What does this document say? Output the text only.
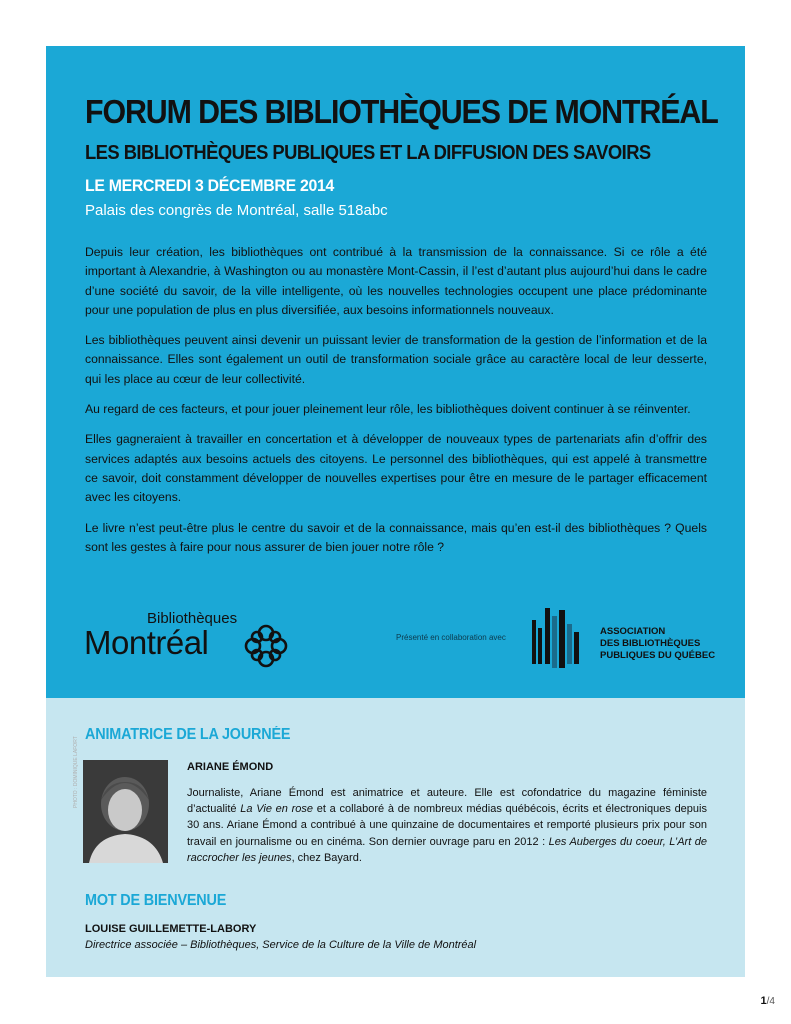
FORUM DES BIBLIOTHÈQUES DE MONTRÉAL
LES BIBLIOTHÈQUES PUBLIQUES ET LA DIFFUSION DES SAVOIRS
LE MERCREDI 3 DÉCEMBRE 2014
Palais des congrès de Montréal, salle 518abc

Depuis leur création, les bibliothèques ont contribué à la transmission de la connaissance. Si ce rôle a été important à Alexandrie, à Washington ou au monastère Mont-Cassin, il l’est d’autant plus aujourd’hui dans le cadre d’une société du savoir, de la ville intelligente, où les nouvelles technologies occupent une place prédominante pour une population de plus en plus diversifiée, aux besoins informationnels nouveaux.

Les bibliothèques peuvent ainsi devenir un puissant levier de transformation de la gestion de l’information et de la connaissance. Elles sont également un outil de transformation sociale grâce au caractère local de leur desserte, qui les place au cœur de leur collectivité.

Au regard de ces facteurs, et pour jouer pleinement leur rôle, les bibliothèques doivent continuer à se réinventer.

Elles gagneraient à travailler en concertation et à développer de nouveaux types de partenariats afin d’offrir des services adaptés aux besoins actuels des citoyens. Le personnel des bibliothèques, qui est appelé à transmettre ce savoir, doit constamment développer de nouvelles expertises pour être en mesure de le partager efficacement avec les citoyens.

Le livre n’est peut-être plus le centre du savoir et de la connaissance, mais qu’en est-il des bibliothèques ? Quels sont les gestes à faire pour nous assurer de bien jouer notre rôle ?

Bibliothèques
Montréal	Présenté en collaboration avec
ASSOCIATION
DES BIBLIOTHÈQUES
PUBLIQUES DU QUÉBEC
ANIMATRICE DE LA JOURNÉE
PHOTO : DOMINIQUE LAFORT	ARIANE ÉMOND
Journaliste, Ariane Émond est animatrice et auteure. Elle est cofondatrice du magazine féministe d’actualité La Vie en rose et a collaboré à de nombreux médias québécois, écrits et électroniques depuis 30 ans. Ariane Émond a contribué à une quinzaine de documentaires et remporté plusieurs prix pour son travail en journalisme ou en cinéma. Son dernier ouvrage paru en 2012 : Les Auberges du coeur, L’Art de raccrocher les jeunes, chez Bayard.
MOT DE BIENVENUE
LOUISE GUILLEMETTE-LABORY
Directrice associée – Bibliothèques, Service de la Culture de la Ville de Montréal
1/4
